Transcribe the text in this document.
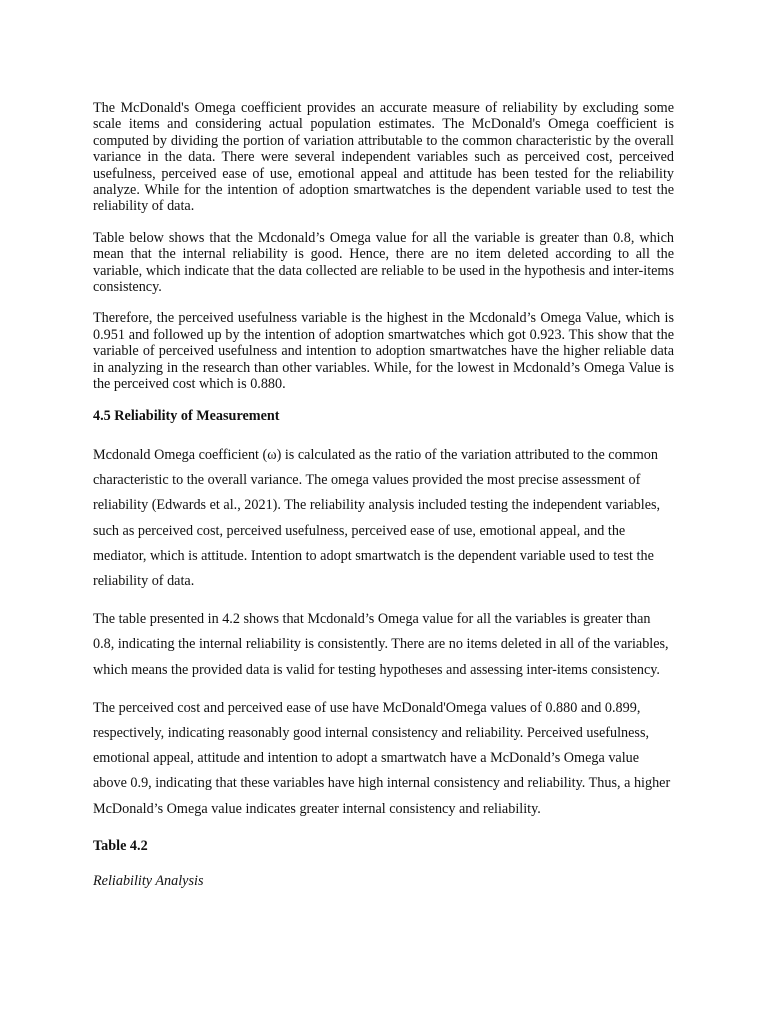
The McDonald's Omega coefficient provides an accurate measure of reliability by excluding some scale items and considering actual population estimates. The McDonald's Omega coefficient is computed by dividing the portion of variation attributable to the common characteristic by the overall variance in the data. There were several independent variables such as perceived cost, perceived usefulness, perceived ease of use, emotional appeal and attitude has been tested for the reliability analyze. While for the intention of adoption smartwatches is the dependent variable used to test the reliability of data.

Table below shows that the Mcdonald’s Omega value for all the variable is greater than 0.8, which mean that the internal reliability is good. Hence, there are no item deleted according to all the variable, which indicate that the data collected are reliable to be used in the hypothesis and inter-items consistency.

Therefore, the perceived usefulness variable is the highest in the Mcdonald’s Omega Value, which is 0.951 and followed up by the intention of adoption smartwatches which got 0.923. This show that the variable of perceived usefulness and intention to adoption smartwatches have the higher reliable data in analyzing in the research than other variables. While, for the lowest in Mcdonald’s Omega Value is the perceived cost which is 0.880.

4.5 Reliability of Measurement

Mcdonald Omega coefficient (ω) is calculated as the ratio of the variation attributed to the common characteristic to the overall variance. The omega values provided the most precise assessment of reliability (Edwards et al., 2021). The reliability analysis included testing the independent variables, such as perceived cost, perceived usefulness, perceived ease of use, emotional appeal, and the mediator, which is attitude. Intention to adopt smartwatch is the dependent variable used to test the reliability of data.

The table presented in 4.2 shows that Mcdonald’s Omega value for all the variables is greater than 0.8, indicating the internal reliability is consistently. There are no items deleted in all of the variables, which means the provided data is valid for testing hypotheses and assessing inter-items consistency.

The perceived cost and perceived ease of use have McDonald'Omega values of 0.880 and 0.899, respectively, indicating reasonably good internal consistency and reliability. Perceived usefulness, emotional appeal, attitude and intention to adopt a smartwatch have a McDonald’s Omega value above 0.9, indicating that these variables have high internal consistency and reliability. Thus, a higher McDonald’s Omega value indicates greater internal consistency and reliability.

Table 4.2

Reliability Analysis
